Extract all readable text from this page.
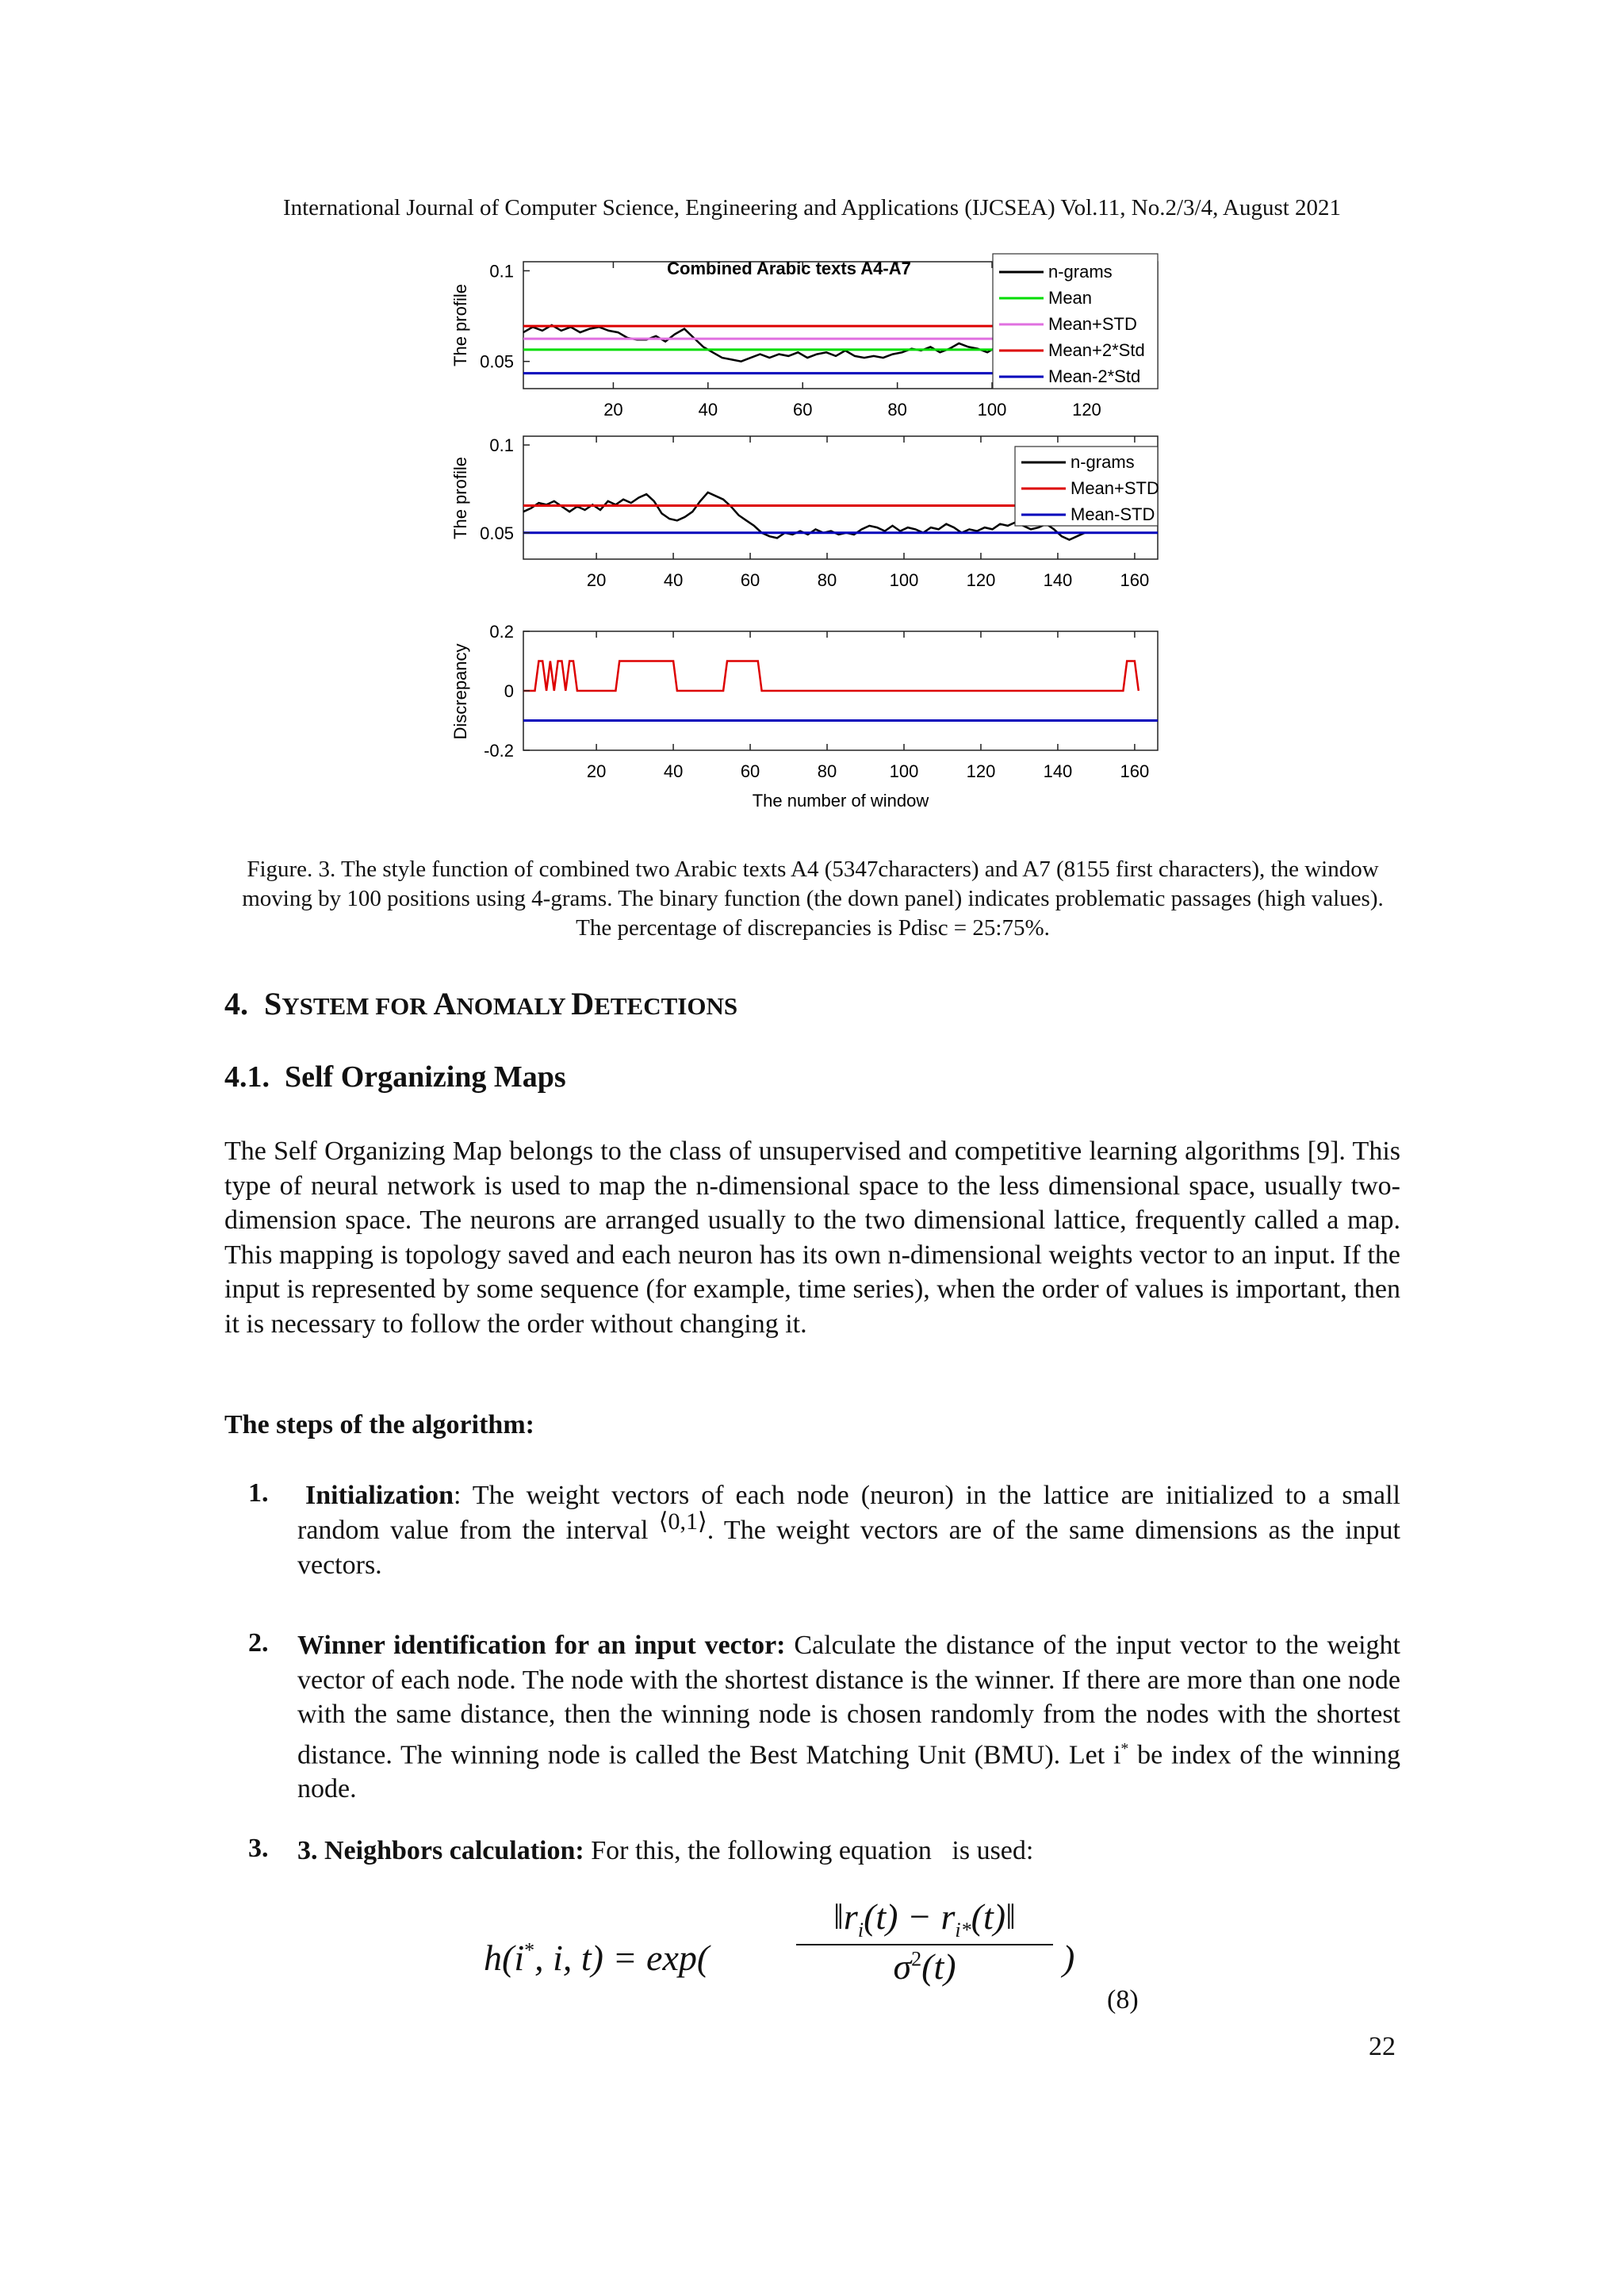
International Journal of Computer Science, Engineering and Applications (IJCSEA) Vol.11, No.2/3/4, August 2021
Combined Arabic texts A4-A7
The profile
20	40	60	80	100	120
0.05
0.1	n-grams
Mean
Mean+STD
Mean+2*Std
Mean-2*Std
The profile
20	40	60	80	100	120	140	160
0.05
0.1
n-grams
Mean+STD
Mean-STD
Discrepancy
The number of window
20	40	60	80	100	120	140	160
-0.2
0
0.2
Figure. 3. The style function of combined two Arabic texts A4 (5347characters) and A7 (8155 first characters), the window moving by 100 positions using 4-grams. The binary function (the down panel) indicates problematic passages (high values). The percentage of discrepancies is Pdisc = 25:75%.
4. SYSTEM FOR ANOMALY DETECTIONS
4.1.  Self Organizing Maps

The Self Organizing Map belongs to the class of unsupervised and competitive learning algorithms [9]. This type of neural network is used to map the n-dimensional space to the less dimensional space, usually two-dimension space. The neurons are arranged usually to the two dimensional lattice, frequently called a map. This mapping is topology saved and each neuron has its own n-dimensional weights vector to an input. If the input is represented by some sequence (for example, time series), when the order of values is important, then it is necessary to follow the order without changing it.

The steps of the algorithm:
1. Initialization: The weight vectors of each node (neuron) in the lattice are initialized to a small random value from the interval ⟨0,1⟩. The weight vectors are of the same dimensions as the input vectors.

2. Winner identification for an input vector: Calculate the distance of the input vector to the weight vector of each node. The node with the shortest distance is the winner. If there are more than one node with the same distance, then the winning node is chosen randomly from the nodes with the shortest distance. The winning node is called the Best Matching Unit (BMU). Let i* be index of the winning node.

3. 3. Neighbors calculation: For this, the following equation   is used:

h(i*, i, t) = exp(
$‖r_i(t)$ − $r_{i*}(t)‖$
$\sigma^2(t)$	)
(8)
22
